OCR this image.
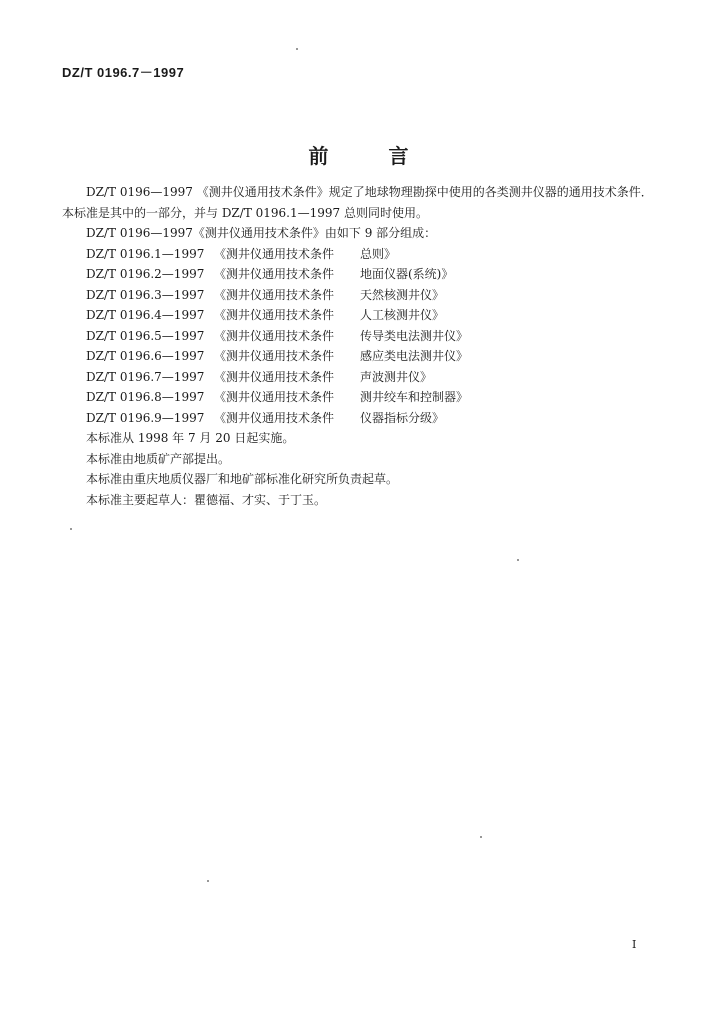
DZ/T 0196.7－1997
前言

DZ/T 0196—1997 《测井仪通用技术条件》规定了地球物理勘探中使用的各类测井仪器的通用技术条件．本标准是其中的一部分，并与 DZ/T 0196.1—1997 总则同时使用。

DZ/T 0196—1997《测井仪通用技术条件》由如下 9 部分组成：
DZ/T 0196.1—1997 《测井仪通用技术条件	总则》
DZ/T 0196.2—1997 《测井仪通用技术条件	地面仪器(系统)》
DZ/T 0196.3—1997 《测井仪通用技术条件	天然核测井仪》
DZ/T 0196.4—1997 《测井仪通用技术条件	人工核测井仪》
DZ/T 0196.5—1997 《测井仪通用技术条件	传导类电法测井仪》
DZ/T 0196.6—1997 《测井仪通用技术条件	感应类电法测井仪》
DZ/T 0196.7—1997 《测井仪通用技术条件	声波测井仪》
DZ/T 0196.8—1997 《测井仪通用技术条件	测井绞车和控制器》
DZ/T 0196.9—1997 《测井仪通用技术条件	仪器指标分级》
本标准从 1998 年 7 月 20 日起实施。
本标准由地质矿产部提出。
本标准由重庆地质仪器厂和地矿部标准化研究所负责起草。
本标准主要起草人：瞿德福、才实、于丁玉。
I
